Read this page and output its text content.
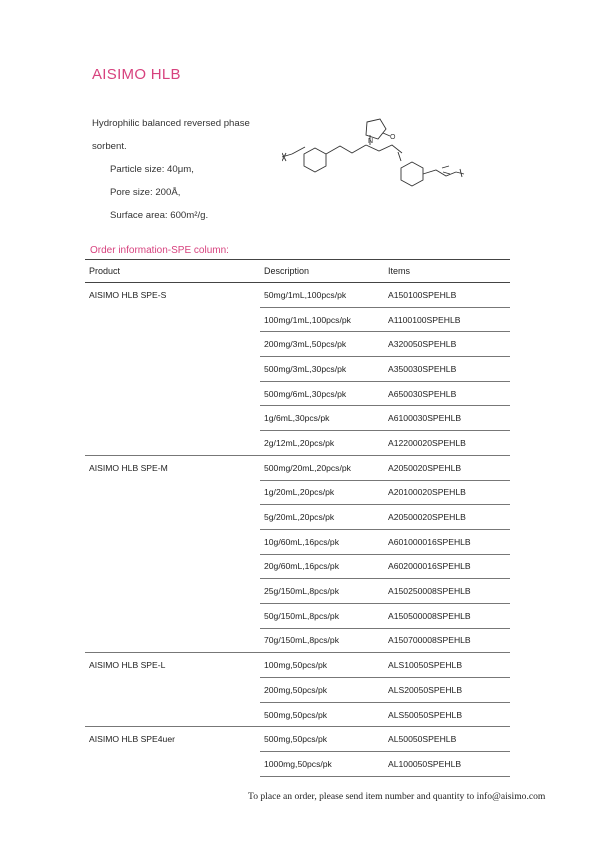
AISIMO HLB
Hydrophilic balanced reversed phase
sorbent.
Particle size: 40μm,
Pore size: 200Å,
Surface area: 600m²/g.
N
O
Order information-SPE column:
Product	Description	Items
AISIMO HLB SPE-S	50mg/1mL,100pcs/pk	A150100SPEHLB
	100mg/1mL,100pcs/pk	A1100100SPEHLB
	200mg/3mL,50pcs/pk	A320050SPEHLB
	500mg/3mL,30pcs/pk	A350030SPEHLB
	500mg/6mL,30pcs/pk	A650030SPEHLB
	1g/6mL,30pcs/pk	A6100030SPEHLB
	2g/12mL,20pcs/pk	A12200020SPEHLB
AISIMO HLB SPE-M	500mg/20mL,20pcs/pk	A2050020SPEHLB
	1g/20mL,20pcs/pk	A20100020SPEHLB
	5g/20mL,20pcs/pk	A20500020SPEHLB
	10g/60mL,16pcs/pk	A601000016SPEHLB
	20g/60mL,16pcs/pk	A602000016SPEHLB
	25g/150mL,8pcs/pk	A150250008SPEHLB
	50g/150mL,8pcs/pk	A150500008SPEHLB
	70g/150mL,8pcs/pk	A150700008SPEHLB
AISIMO HLB SPE-L	100mg,50pcs/pk	ALS10050SPEHLB
	200mg,50pcs/pk	ALS20050SPEHLB
	500mg,50pcs/pk	ALS50050SPEHLB
AISIMO HLB SPE4uer	500mg,50pcs/pk	AL50050SPEHLB
	1000mg,50pcs/pk	AL100050SPEHLB
To place an order, please send item number and quantity to info@aisimo.com
